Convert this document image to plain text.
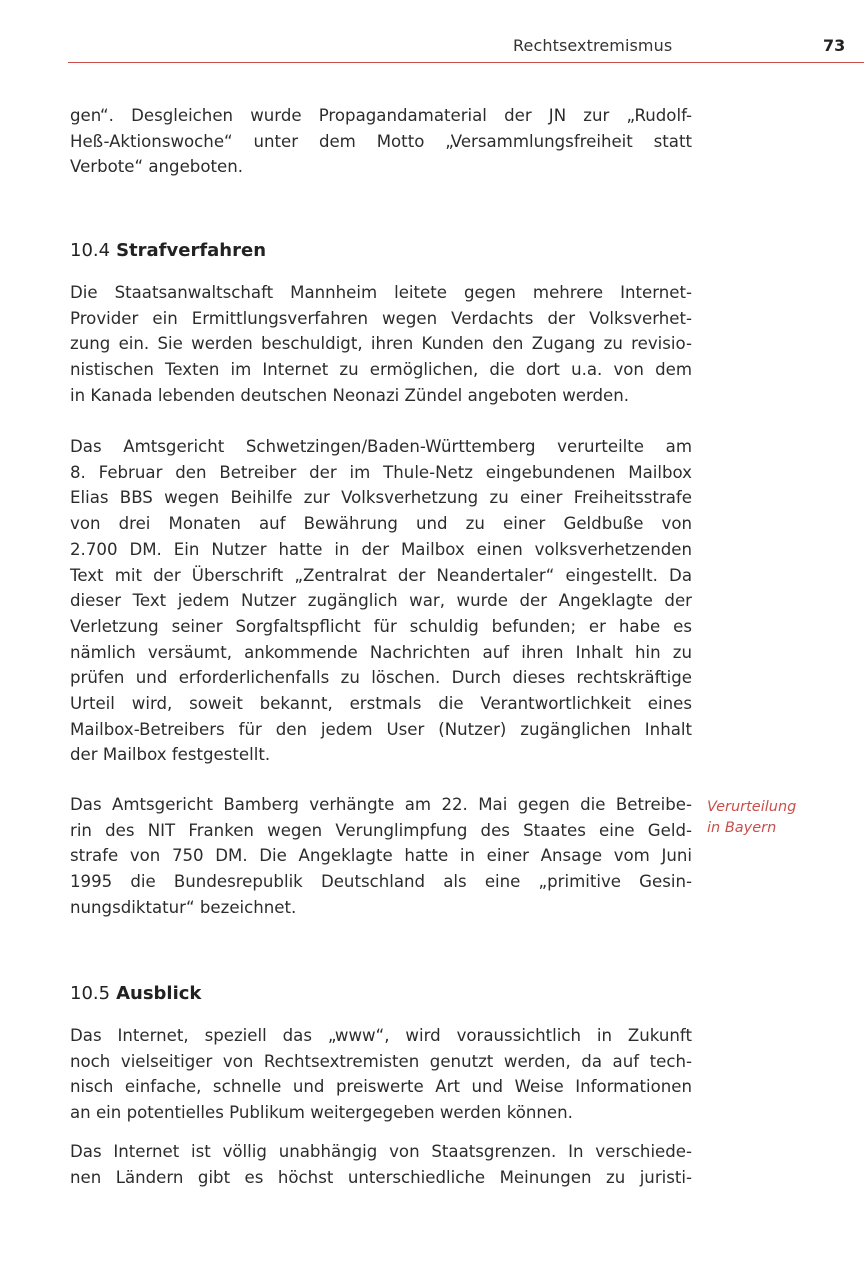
Rechtsextremismus	73
gen“. Desgleichen wurde Propagandamaterial der JN zur „Rudolf-
Heß-Aktionswoche“ unter dem Motto „Versammlungsfreiheit statt
Verbote“ angeboten.
10.4 Strafverfahren
Die Staatsanwaltschaft Mannheim leitete gegen mehrere Internet-
Provider ein Ermittlungsverfahren wegen Verdachts der Volksverhet-
zung ein. Sie werden beschuldigt, ihren Kunden den Zugang zu revisio-
nistischen Texten im Internet zu ermöglichen, die dort u.a. von dem
in Kanada lebenden deutschen Neonazi Zündel angeboten werden.
Das Amtsgericht Schwetzingen/Baden-Württemberg verurteilte am
8. Februar den Betreiber der im Thule-Netz eingebundenen Mailbox
Elias BBS wegen Beihilfe zur Volksverhetzung zu einer Freiheitsstrafe
von drei Monaten auf Bewährung und zu einer Geldbuße von
2.700 DM. Ein Nutzer hatte in der Mailbox einen volksverhetzenden
Text mit der Überschrift „Zentralrat der Neandertaler“ eingestellt. Da
dieser Text jedem Nutzer zugänglich war, wurde der Angeklagte der
Verletzung seiner Sorgfaltspflicht für schuldig befunden; er habe es
nämlich versäumt, ankommende Nachrichten auf ihren Inhalt hin zu
prüfen und erforderlichenfalls zu löschen. Durch dieses rechtskräftige
Urteil wird, soweit bekannt, erstmals die Verantwortlichkeit eines
Mailbox-Betreibers für den jedem User (Nutzer) zugänglichen Inhalt
der Mailbox festgestellt.
Das Amtsgericht Bamberg verhängte am 22. Mai gegen die Betreibe-
rin des NIT Franken wegen Verunglimpfung des Staates eine Geld-
strafe von 750 DM. Die Angeklagte hatte in einer Ansage vom Juni
1995 die Bundesrepublik Deutschland als eine „primitive Gesin-
nungsdiktatur“ bezeichnet.
Verurteilung
in Bayern
10.5 Ausblick
Das Internet, speziell das „www“, wird voraussichtlich in Zukunft
noch vielseitiger von Rechtsextremisten genutzt werden, da auf tech-
nisch einfache, schnelle und preiswerte Art und Weise Informationen
an ein potentielles Publikum weitergegeben werden können.
Das Internet ist völlig unabhängig von Staatsgrenzen. In verschiede-
nen Ländern gibt es höchst unterschiedliche Meinungen zu juristi-
